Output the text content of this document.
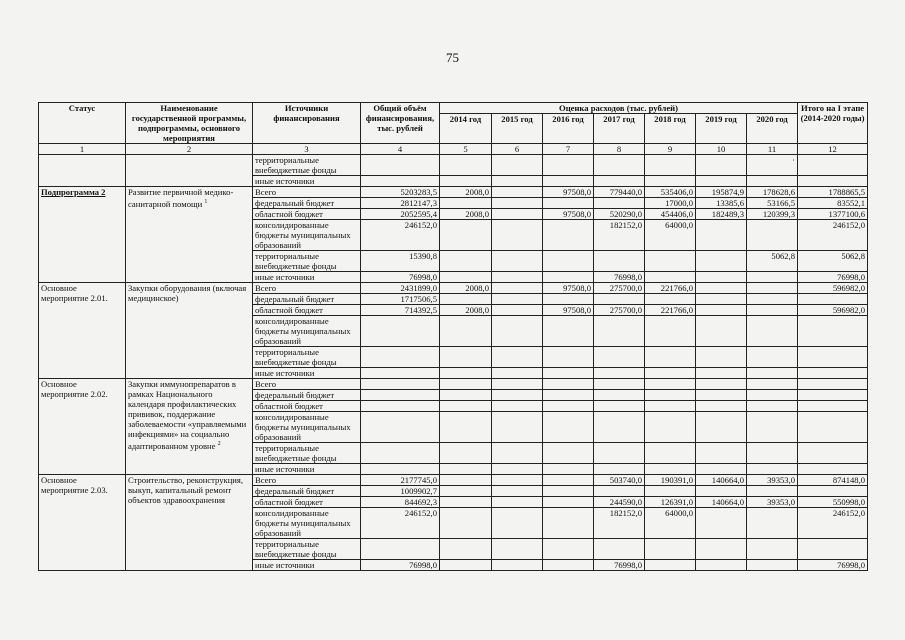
75
Статус	Наименование государственной программы, подпрограммы, основного мероприятия	Источники финансирования	Общий объём финансирования, тыс. рублей	Оценка расходов (тыс. рублей)							Итого на I этапе (2014-2020 годы)
				2014 год	2015 год	2016 год	2017 год	2018 год	2019 год	2020 год	
1	2	3	4	5	6	7	8	9	10	11	12
		территориальные внебюджетные фонды								·	
		иные источники									
Подпрограмма 2	Развитие первичной медико-санитарной помощи $^1$	Всего	5203283,5	2008,0		97508,0	779440,0	535406,0	195874,9	178628,6	1788865,5
		федеральный бюджет	2812147,3					17000,0	13385,6	53166,5	83552,1
		областной бюджет	2052595,4	2008,0		97508,0	520290,0	454406,0	182489,3	120399,3	1377100,6
		консолидированные бюджеты муниципальных образований	246152,0				182152,0	64000,0			246152,0
		территориальные внебюджетные фонды	15390,8							5062,8	5062,8
		иные источники	76998,0				76998,0				76998,0
Основное мероприятие 2.01.	Закупки оборудования (включая медицинское)	Всего	2431899,0	2008,0		97508,0	275700,0	221766,0			596982,0
		федеральный бюджет	1717506,5								
		областной бюджет	714392,5	2008,0		97508,0	275700,0	221766,0			596982,0
		консолидированные бюджеты муниципальных образований									
		территориальные внебюджетные фонды									
		иные источники									
Основное мероприятие 2.02.	Закупки иммунопрепаратов в рамках Национального календаря профилактических прививок, поддержание заболеваемости «управляемыми инфекциями» на социально адаптированном уровне $^2$	Всего									
		федеральный бюджет									
		областной бюджет									
		консолидированные бюджеты муниципальных образований									
		территориальные внебюджетные фонды									
		иные источники									
Основное мероприятие 2.03.	Строительство, реконструкция, выкуп, капитальный ремонт объектов здравоохранения	Всего	2177745,0				503740,0	190391,0	140664,0	39353,0	874148,0
		федеральный бюджет	1009902,7								
		областной бюджет	844692,3				244590,0	126391,0	140664,0	39353,0	550998,0
		консолидированные бюджеты муниципальных образований	246152,0				182152,0	64000,0			246152,0
		территориальные внебюджетные фонды									
		иные источники	76998,0				76998,0				76998,0
